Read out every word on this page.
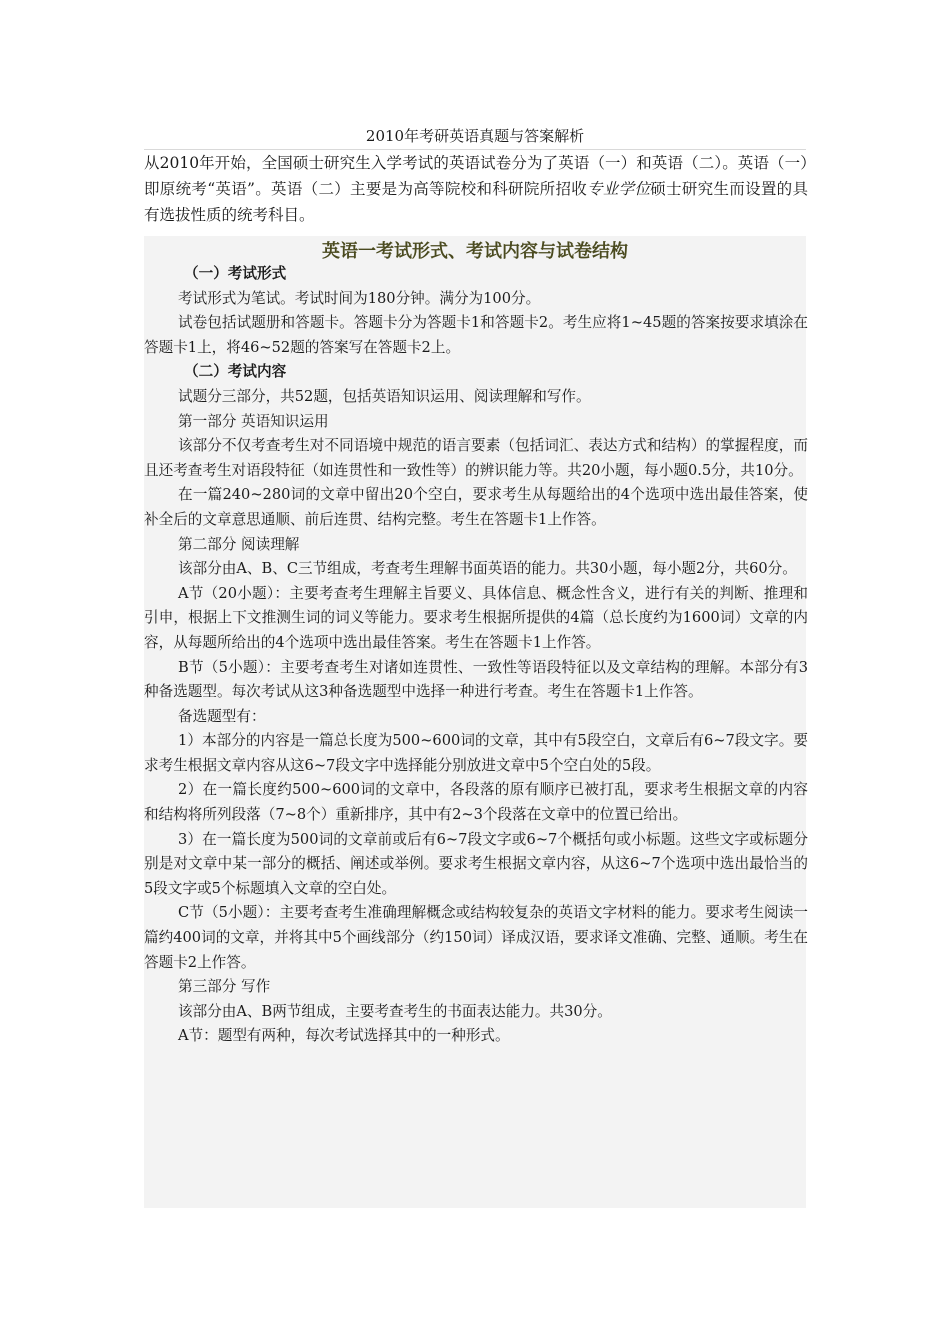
2010年考研英语真题与答案解析

从2010年开始，全国硕士研究生入学考试的英语试卷分为了英语（一）和英语（二）。英语（一）即原统考“英语”。英语（二）主要是为高等院校和科研院所招收专业学位硕士研究生而设置的具有选拔性质的统考科目。

英语一考试形式、考试内容与试卷结构

（一）考试形式

考试形式为笔试。考试时间为180分钟。满分为100分。

试卷包括试题册和答题卡。答题卡分为答题卡1和答题卡2。考生应将1~45题的答案按要求填涂在答题卡1上，将46~52题的答案写在答题卡2上。

（二）考试内容

试题分三部分，共52题，包括英语知识运用、阅读理解和写作。

第一部分 英语知识运用

该部分不仅考查考生对不同语境中规范的语言要素（包括词汇、表达方式和结构）的掌握程度，而且还考查考生对语段特征（如连贯性和一致性等）的辨识能力等。共20小题，每小题0.5分，共10分。

在一篇240~280词的文章中留出20个空白，要求考生从每题给出的4个选项中选出最佳答案，使补全后的文章意思通顺、前后连贯、结构完整。考生在答题卡1上作答。

第二部分 阅读理解

该部分由A、B、C三节组成，考查考生理解书面英语的能力。共30小题，每小题2分，共60分。

A节（20小题）：主要考查考生理解主旨要义、具体信息、概念性含义，进行有关的判断、推理和引申，根据上下文推测生词的词义等能力。要求考生根据所提供的4篇（总长度约为1600词）文章的内容，从每题所给出的4个选项中选出最佳答案。考生在答题卡1上作答。

B节（5小题）：主要考查考生对诸如连贯性、一致性等语段特征以及文章结构的理解。本部分有3种备选题型。每次考试从这3种备选题型中选择一种进行考查。考生在答题卡1上作答。

备选题型有：

1）本部分的内容是一篇总长度为500~600词的文章，其中有5段空白，文章后有6~7段文字。要求考生根据文章内容从这6~7段文字中选择能分别放进文章中5个空白处的5段。

2）在一篇长度约500~600词的文章中，各段落的原有顺序已被打乱，要求考生根据文章的内容和结构将所列段落（7~8个）重新排序，其中有2~3个段落在文章中的位置已给出。

3）在一篇长度为500词的文章前或后有6~7段文字或6~7个概括句或小标题。这些文字或标题分别是对文章中某一部分的概括、阐述或举例。要求考生根据文章内容，从这6~7个选项中选出最恰当的5段文字或5个标题填入文章的空白处。

C节（5小题）：主要考查考生准确理解概念或结构较复杂的英语文字材料的能力。要求考生阅读一篇约400词的文章，并将其中5个画线部分（约150词）译成汉语，要求译文准确、完整、通顺。考生在答题卡2上作答。

第三部分 写作

该部分由A、B两节组成，主要考查考生的书面表达能力。共30分。

A节：题型有两种，每次考试选择其中的一种形式。
